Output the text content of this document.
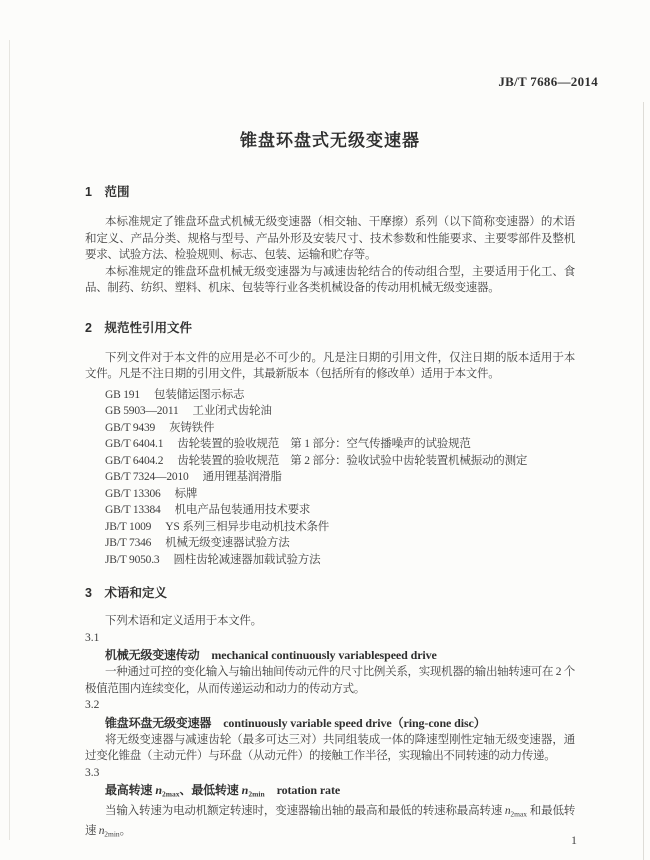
JB/T 7686—2014
锥盘环盘式无级变速器
1　范围

本标准规定了锥盘环盘式机械无级变速器（相交轴、干摩擦）系列（以下简称变速器）的术语和定义、产品分类、规格与型号、产品外形及安装尺寸、技术参数和性能要求、主要零部件及整机要求、试验方法、检验规则、标志、包装、运输和贮存等。

本标准规定的锥盘环盘机械无级变速器为与减速齿轮结合的传动组合型，主要适用于化工、食品、制药、纺织、塑料、机床、包装等行业各类机械设备的传动用机械无级变速器。

2　规范性引用文件

下列文件对于本文件的应用是必不可少的。凡是注日期的引用文件，仅注日期的版本适用于本文件。凡是不注日期的引用文件，其最新版本（包括所有的修改单）适用于本文件。

GB 191 包装储运图示标志
GB 5903—2011 工业闭式齿轮油
GB/T 9439 灰铸铁件
GB/T 6404.1 齿轮装置的验收规范　第 1 部分：空气传播噪声的试验规范
GB/T 6404.2 齿轮装置的验收规范　第 2 部分：验收试验中齿轮装置机械振动的测定
GB/T 7324—2010 通用锂基润滑脂
GB/T 13306 标牌
GB/T 13384 机电产品包装通用技术要求
JB/T 1009 YS 系列三相异步电动机技术条件
JB/T 7346 机械无级变速器试验方法
JB/T 9050.3 圆柱齿轮减速器加载试验方法
3　术语和定义

下列术语和定义适用于本文件。

3.1
机械无级变速传动 mechanical continuously variablespeed drive

一种通过可控的变化输入与输出轴间传动元件的尺寸比例关系，实现机器的输出轴转速可在 2 个极值范围内连续变化，从而传递运动和动力的传动方式。

3.2
锥盘环盘无级变速器 continuously variable speed drive（ring-cone disc）

将无级变速器与减速齿轮（最多可达三对）共同组装成一体的降速型刚性定轴无级变速器，通过变化锥盘（主动元件）与环盘（从动元件）的接触工作半径，实现输出不同转速的动力传递。

3.3
最高转速 $n_{2max}$、最低转速 $n_{2min}$ rotation rate

当输入转速为电动机额定转速时，变速器输出轴的最高和最低的转速称最高转速 $n_{2max}$ 和最低转速 $n_{2min}$。

1
